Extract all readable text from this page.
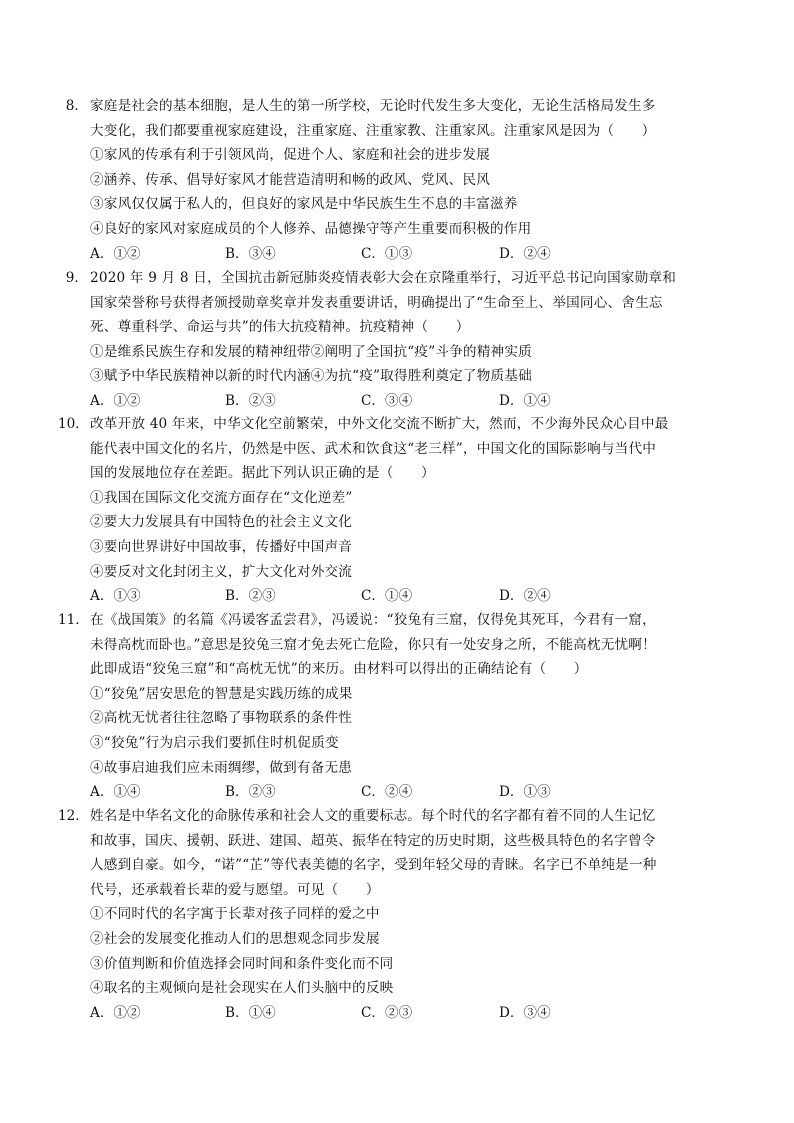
8． 家庭是社会的基本细胞，是人生的第一所学校，无论时代发生多大变化，无论生活格局发生多
大变化，我们都要重视家庭建设，注重家庭、注重家教、注重家风。注重家风是因为（　　）
①家风的传承有利于引领风尚，促进个人、家庭和社会的进步发展
②涵养、传承、倡导好家风才能营造清明和畅的政风、党风、民风
③家风仅仅属于私人的，但良好的家风是中华民族生生不息的丰富滋养
④良好的家风对家庭成员的个人修养、品德操守等产生重要而积极的作用
A．①②	B．③④	C．①③	D．②④
9． 2020 年 9 月 8 日，全国抗击新冠肺炎疫情表彰大会在京隆重举行，习近平总书记向国家勋章和
国家荣誉称号获得者颁授勋章奖章并发表重要讲话，明确提出了“生命至上、举国同心、舍生忘
死、尊重科学、命运与共”的伟大抗疫精神。抗疫精神（　　）
①是维系民族生存和发展的精神纽带②阐明了全国抗“疫”斗争的精神实质
③赋予中华民族精神以新的时代内涵④为抗“疫”取得胜利奠定了物质基础
A．①②	B．②③	C．③④	D．①④
10． 改革开放 40 年来，中华文化空前繁荣，中外文化交流不断扩大，然而，不少海外民众心目中最
能代表中国文化的名片，仍然是中医、武术和饮食这“老三样”，中国文化的国际影响与当代中
国的发展地位存在差距。据此下列认识正确的是（　　）
①我国在国际文化交流方面存在“文化逆差”
②要大力发展具有中国特色的社会主义文化
③要向世界讲好中国故事，传播好中国声音
④要反对文化封闭主义，扩大文化对外交流
A．①③	B．②③	C．①④	D．②④
11． 在《战国策》的名篇《冯谖客孟尝君》，冯谖说：“狡兔有三窟，仅得免其死耳，今君有一窟，
未得高枕而卧也。”意思是狡兔三窟才免去死亡危险，你只有一处安身之所，不能高枕无忧啊！
此即成语“狡兔三窟”和“高枕无忧”的来历。由材料可以得出的正确结论有（　　）
①“狡兔”居安思危的智慧是实践历练的成果
②高枕无忧者往往忽略了事物联系的条件性
③“狡兔”行为启示我们要抓住时机促质变
④故事启迪我们应未雨绸缪，做到有备无患
A．①④	B．②③	C．②④	D．①③
12． 姓名是中华名文化的命脉传承和社会人文的重要标志。每个时代的名字都有着不同的人生记忆
和故事，国庆、援朝、跃进、建国、超英、振华在特定的历史时期，这些极具特色的名字曾令
人感到自豪。如今，“诺”“芷”等代表美德的名字，受到年轻父母的青睐。名字已不单纯是一种
代号，还承载着长辈的爱与愿望。可见（　　）
①不同时代的名字寓于长辈对孩子同样的爱之中
②社会的发展变化推动人们的思想观念同步发展
③价值判断和价值选择会同时间和条件变化而不同
④取名的主观倾向是社会现实在人们头脑中的反映
A．①②	B．①④	C．②③	D．③④
